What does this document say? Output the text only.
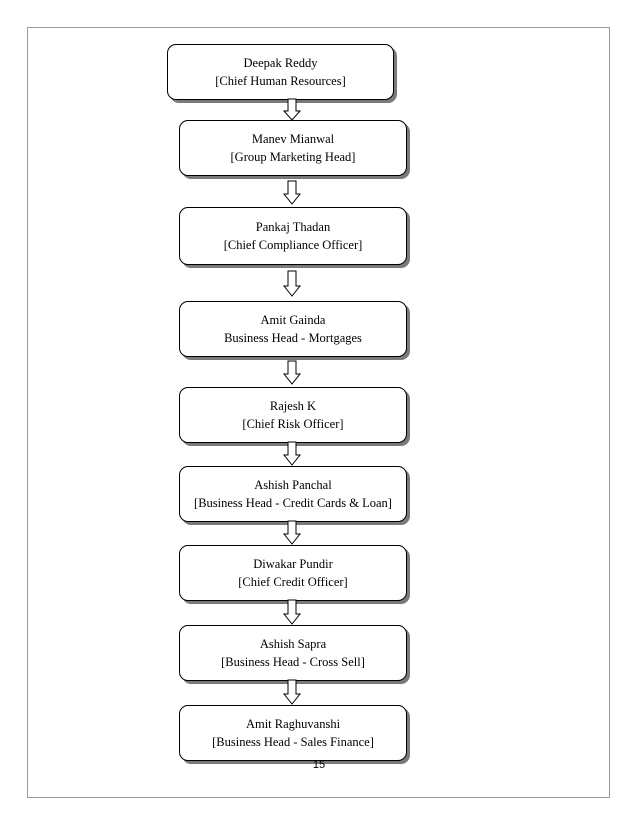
Deepak Reddy
[Chief Human Resources]
Manev Mianwal
[Group Marketing Head]
Pankaj Thadan
[Chief Compliance Officer]
Amit Gainda
Business Head - Mortgages
Rajesh K
[Chief Risk Officer]
Ashish Panchal
[Business Head - Credit Cards & Loan]
Diwakar Pundir
[Chief Credit Officer]
Ashish Sapra
[Business Head - Cross Sell]
Amit Raghuvanshi
[Business Head - Sales Finance]
15
